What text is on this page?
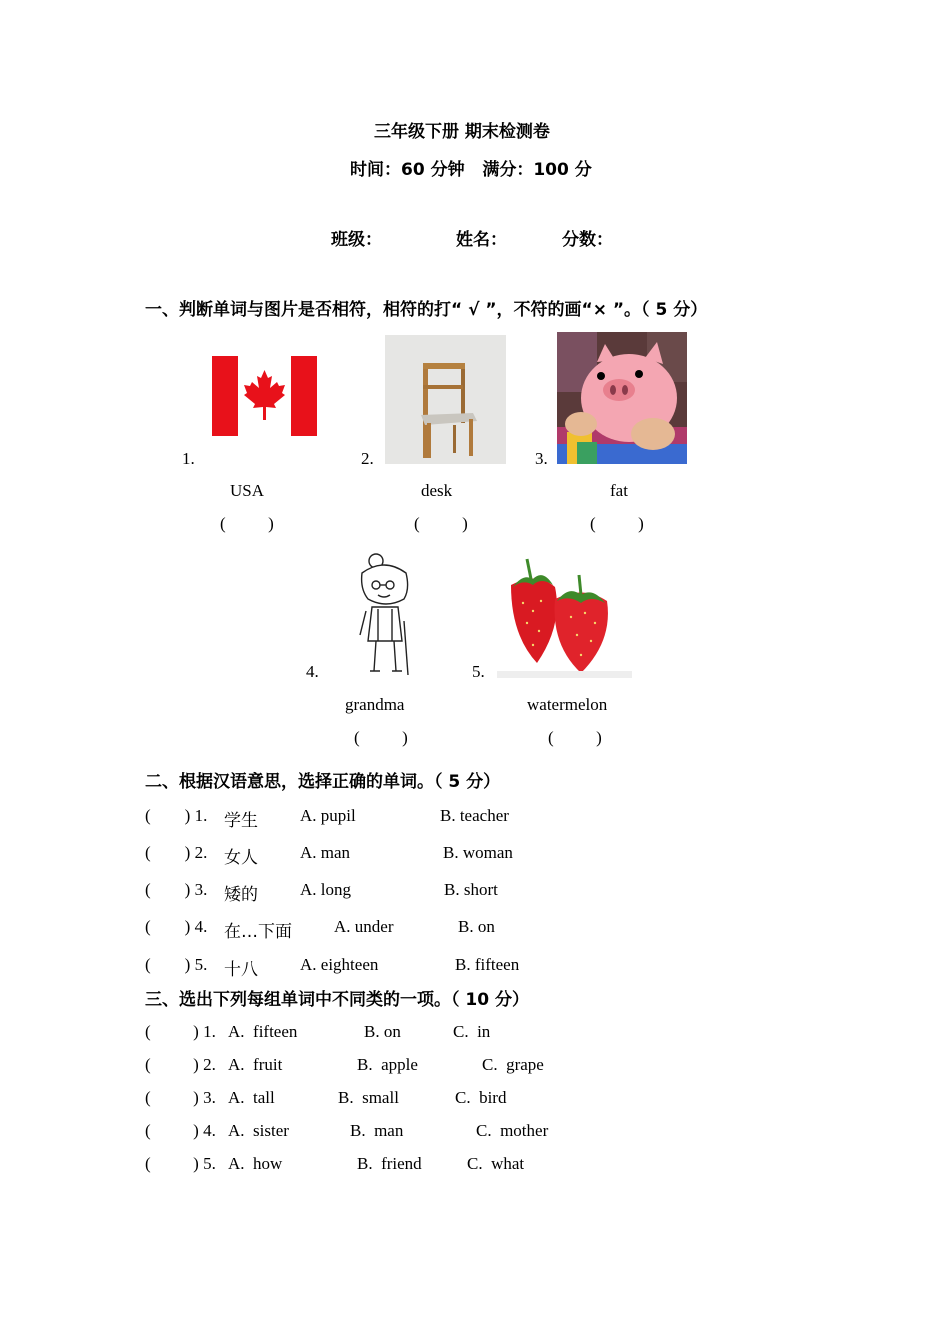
三年级下册 期末检测卷
时间：60 分钟   满分：100 分
班级：	姓名：	分数：
一、判断单词与图片是否相符，相符的打“ √ ”，不符的画“× ”。（ 5 分）
1.
USA
(          )
2.
desk
(          )
3.
fat
(          )
4.
grandma
(          )
5.
watermelon
(          )
二、根据汉语意思，选择正确的单词。（ 5 分）
(        ) 1. 学生 A. pupil	B. teacher
(        ) 2. 女人 A. man	B. woman
(        ) 3. 矮的 A. long	B. short
(        ) 4. 在…下面 A. under	B. on
(        ) 5. 十八 A. eighteen	B. fifteen
三、选出下列每组单词中不同类的一项。（ 10 分）
(          ) 1. A.  fifteen	B. on	C.  in
(          ) 2. A.  fruit	B.  apple	C.  grape
(          ) 3. A.  tall	B.  small	C.  bird
(          ) 4. A.  sister	B.  man	C.  mother
(          ) 5. A.  how	B.  friend	C.  what
